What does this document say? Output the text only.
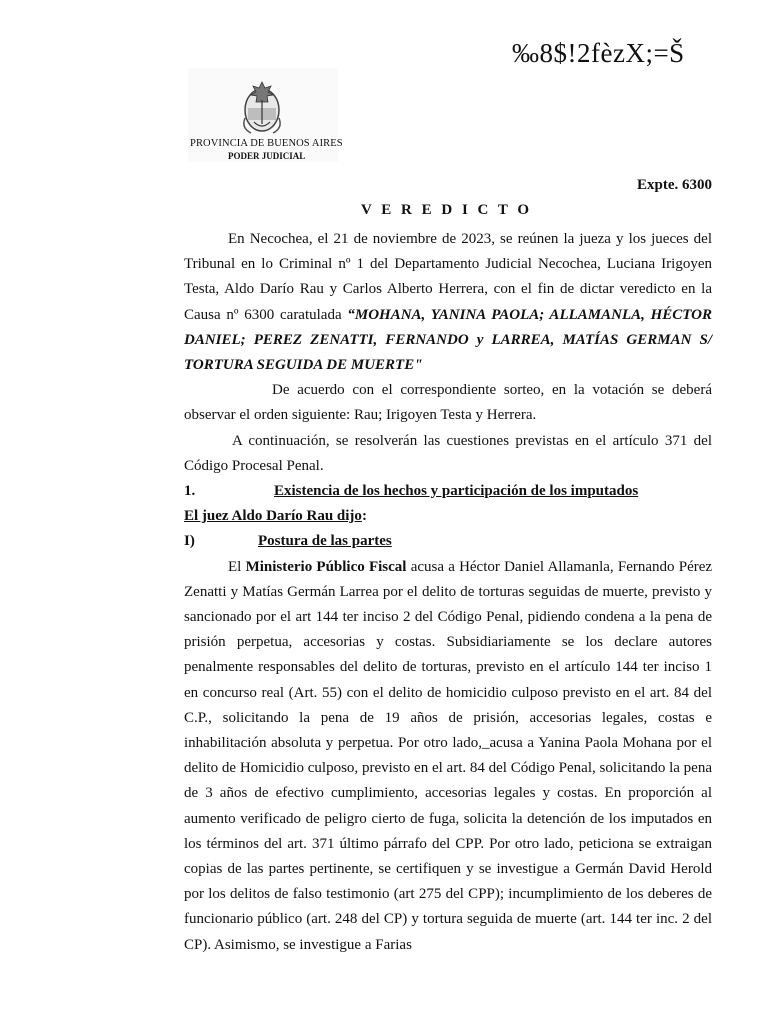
‰8$!2fèzX;=Š
PROVINCIA DE BUENOS AIRES
PODER JUDICIAL
Expte. 6300
V E R E D I C T O

En Necochea, el 21 de noviembre de 2023, se reúnen la jueza y los jueces del Tribunal en lo Criminal nº 1 del Departamento Judicial Necochea, Luciana Irigoyen Testa, Aldo Darío Rau y Carlos Alberto Herrera, con el fin de dictar veredicto en la Causa nº 6300 caratulada “MOHANA, YANINA PAOLA; ALLAMANLA, HÉCTOR DANIEL; PEREZ ZENATTI, FERNANDO y LARREA, MATÍAS GERMAN S/ TORTURA SEGUIDA DE MUERTE"

De acuerdo con el correspondiente sorteo, en la votación se deberá observar el orden siguiente: Rau; Irigoyen Testa y Herrera.

A continuación, se resolverán las cuestiones previstas en el artículo 371 del Código Procesal Penal.

1.	Existencia de los hechos y participación de los imputados

El juez Aldo Darío Rau dijo:

I)	Postura de las partes

El Ministerio Público Fiscal acusa a Héctor Daniel Allamanla, Fernando Pérez Zenatti y Matías Germán Larrea por el delito de torturas seguidas de muerte, previsto y sancionado por el art 144 ter inciso 2 del Código Penal, pidiendo condena a la pena de prisión perpetua, accesorias y costas. Subsidiariamente se los declare autores penalmente responsables del delito de torturas, previsto en el artículo 144 ter inciso 1 en concurso real (Art. 55) con el delito de homicidio culposo previsto en el art. 84 del C.P., solicitando la pena de 19 años de prisión, accesorias legales, costas e inhabilitación absoluta y perpetua. Por otro lado,_acusa a Yanina Paola Mohana por el delito de Homicidio culposo, previsto en el art. 84 del Código Penal, solicitando la pena de 3 años de efectivo cumplimiento, accesorias legales y costas. En proporción al aumento verificado de peligro cierto de fuga, solicita la detención de los imputados en los términos del art. 371 último párrafo del CPP. Por otro lado, peticiona se extraigan copias de las partes pertinente, se certifiquen y se investigue a Germán David Herold por los delitos de falso testimonio (art 275 del CPP); incumplimiento de los deberes de funcionario público (art. 248 del CP) y tortura seguida de muerte (art. 144 ter inc. 2 del CP). Asimismo, se investigue a Farias
